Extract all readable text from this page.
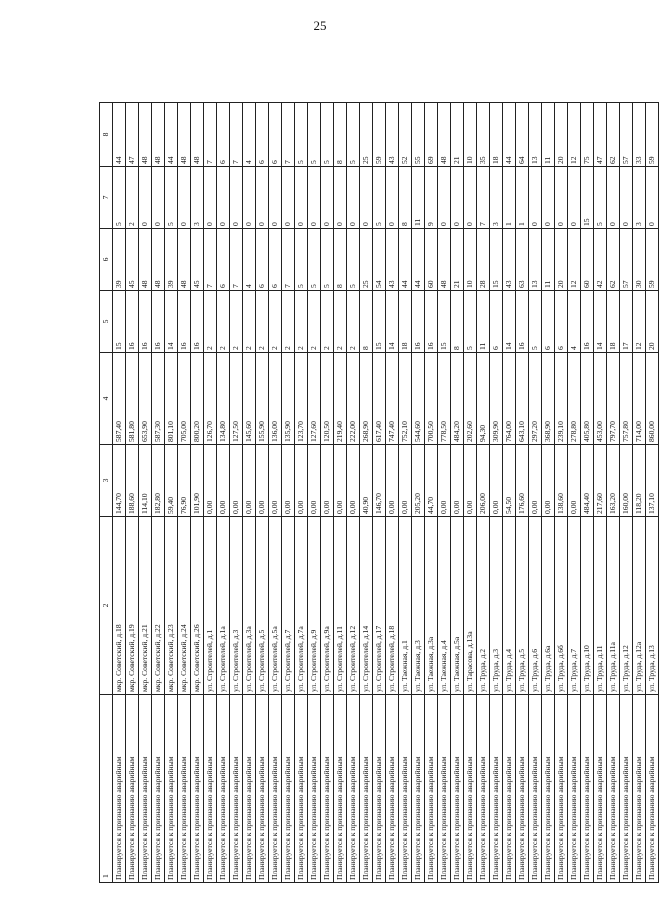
25
1	2	3	4	5	6	7	8
Планируется к признанию аварийным	мкр. Советский, д.18	144,70	587,40	15	39	5	44
Планируется к признанию аварийным	мкр. Советский, д.19	188,60	581,80	16	45	2	47
Планируется к признанию аварийным	мкр. Советский, д.21	114,10	653,90	16	48	0	48
Планируется к признанию аварийным	мкр. Советский, д.22	182,80	587,30	16	48	0	48
Планируется к признанию аварийным	мкр. Советский, д.23	59,40	801,10	14	39	5	44
Планируется к признанию аварийным	мкр. Советский, д.24	76,90	705,00	16	48	0	48
Планируется к признанию аварийным	мкр. Советский, д.26	101,90	800,20	16	45	3	48
Планируется к признанию аварийным	ул. Строителей, д.1	0,00	126,70	2	7	0	7
Планируется к признанию аварийным	ул. Строителей, д.1а	0,00	134,80	2	6	0	6
Планируется к признанию аварийным	ул. Строителей, д.3	0,00	127,50	2	7	0	7
Планируется к признанию аварийным	ул. Строителей, д.3а	0,00	145,60	2	4	0	4
Планируется к признанию аварийным	ул. Строителей, д.5	0,00	155,90	2	6	0	6
Планируется к признанию аварийным	ул. Строителей, д.5а	0,00	136,00	2	6	0	6
Планируется к признанию аварийным	ул. Строителей, д.7	0,00	135,90	2	7	0	7
Планируется к признанию аварийным	ул. Строителей, д.7а	0,00	123,70	2	5	0	5
Планируется к признанию аварийным	ул. Строителей, д.9	0,00	127,60	2	5	0	5
Планируется к признанию аварийным	ул. Строителей, д.9а	0,00	120,50	2	5	0	5
Планируется к признанию аварийным	ул. Строителей, д.11	0,00	219,40	2	8	0	8
Планируется к признанию аварийным	ул. Строителей, д.12	0,00	222,00	2	5	0	5
Планируется к признанию аварийным	ул. Строителей, д.14	40,90	268,90	8	25	0	25
Планируется к признанию аварийным	ул. Строителей, д.17	146,70	617,40	15	54	5	59
Планируется к признанию аварийным	ул. Строителей, д.18	0,00	747,40	14	43	0	43
Планируется к признанию аварийным	ул. Таежная, д.1	0,00	752,10	18	44	8	52
Планируется к признанию аварийным	ул. Таежная, д.3	205,20	544,60	16	44	11	55
Планируется к признанию аварийным	ул. Таежная, д.3а	44,70	700,50	16	60	9	69
Планируется к признанию аварийным	ул. Таежная, д.4	0,00	778,50	15	48	0	48
Планируется к признанию аварийным	ул. Таежная, д.5а	0,00	484,20	8	21	0	21
Планируется к признанию аварийным	ул. Тарасова, д.13а	0,00	202,60	5	10	0	10
Планируется к признанию аварийным	ул. Труда, д.2	206,00	94,30	11	28	7	35
Планируется к признанию аварийным	ул. Труда, д.3	0,00	309,90	6	15	3	18
Планируется к признанию аварийным	ул. Труда, д.4	54,50	764,00	14	43	1	44
Планируется к признанию аварийным	ул. Труда, д.5	176,60	643,10	16	63	1	64
Планируется к признанию аварийным	ул. Труда, д.6	0,00	297,20	5	13	0	13
Планируется к признанию аварийным	ул. Труда, д.6а	0,00	368,90	6	11	0	11
Планируется к признанию аварийным	ул. Труда, д.6б	138,60	239,10	6	20	0	20
Планируется к признанию аварийным	ул. Труда, д.7	0,00	278,80	4	12	0	12
Планируется к признанию аварийным	ул. Труда, д.10	484,40	405,80	16	60	15	75
Планируется к признанию аварийным	ул. Труда, д.11	217,60	453,00	14	42	5	47
Планируется к признанию аварийным	ул. Труда, д.11а	163,20	797,70	18	62	0	62
Планируется к признанию аварийным	ул. Труда, д.12	160,00	757,80	17	57	0	57
Планируется к признанию аварийным	ул. Труда, д.12а	118,20	714,00	12	30	3	33
Планируется к признанию аварийным	ул. Труда, д.13	137,10	860,00	20	59	0	59
